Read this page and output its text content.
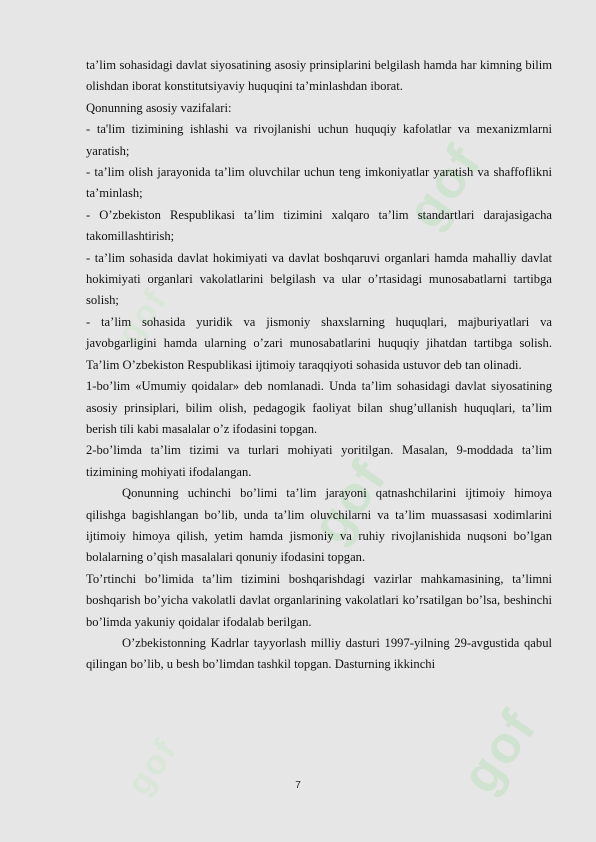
gof
gof
gof
gof	gof

ta’lim sohasidagi davlat siyosatining asosiy prinsiplarini belgilash hamda har kimning bilim olishdan iborat konstitutsiyaviy huquqini ta’minlashdan iborat.

Qonunning asosiy vazifalari:

- ta'lim tizimining ishlashi va rivojlanishi uchun huquqiy kafolatlar va mexanizmlarni yaratish;

- ta’lim olish jarayonida ta’lim oluvchilar uchun teng imkoniyatlar yaratish va shaffoflikni ta’minlash;

- O’zbekiston Respublikasi ta’lim tizimini xalqaro ta’lim standartlari darajasigacha takomillashtirish;

- ta’lim sohasida davlat hokimiyati va davlat boshqaruvi organlari hamda mahalliy davlat hokimiyati organlari vakolatlarini belgilash va ular o’rtasidagi munosabatlarni tartibga solish;

- ta’lim sohasida yuridik va jismoniy shaxslarning huquqlari, majburiyatlari va javobgarligini hamda ularning o’zari munosabatlarini huquqiy jihatdan tartibga solish. Ta’lim O’zbekiston Respublikasi ijtimoiy taraqqiyoti sohasida ustuvor deb tan olinadi.

1-bo’lim «Umumiy qoidalar» deb nomlanadi. Unda ta’lim sohasidagi davlat siyosatining asosiy prinsiplari, bilim olish, pedagogik faoliyat bilan shug’ullanish huquqlari, ta’lim berish tili kabi masalalar o’z ifodasini topgan.

2-bo’limda ta’lim tizimi va turlari mohiyati yoritilgan. Masalan, 9-moddada ta’lim tizimining mohiyati ifodalangan.

Qonunning uchinchi bo’limi ta’lim jarayoni qatnashchilarini ijtimoiy himoya qilishga bagishlangan bo’lib, unda ta’lim oluvchilarni va ta’lim muassasasi xodimlarini ijtimoiy himoya qilish, yetim hamda jismoniy va ruhiy rivojlanishida nuqsoni bo’lgan bolalarning o’qish masalalari qonuniy ifodasini topgan.

To’rtinchi bo’limida ta’lim tizimini boshqarishdagi vazirlar mahkamasining, ta’limni boshqarish bo’yicha vakolatli davlat organlarining vakolatlari ko’rsatilgan bo’lsa, beshinchi bo’limda yakuniy qoidalar ifodalab berilgan.

O’zbekistonning Kadrlar tayyorlash milliy dasturi 1997-yilning 29-avgustida qabul qilingan bo’lib, u besh bo’limdan tashkil topgan. Dasturning ikkinchi

7
